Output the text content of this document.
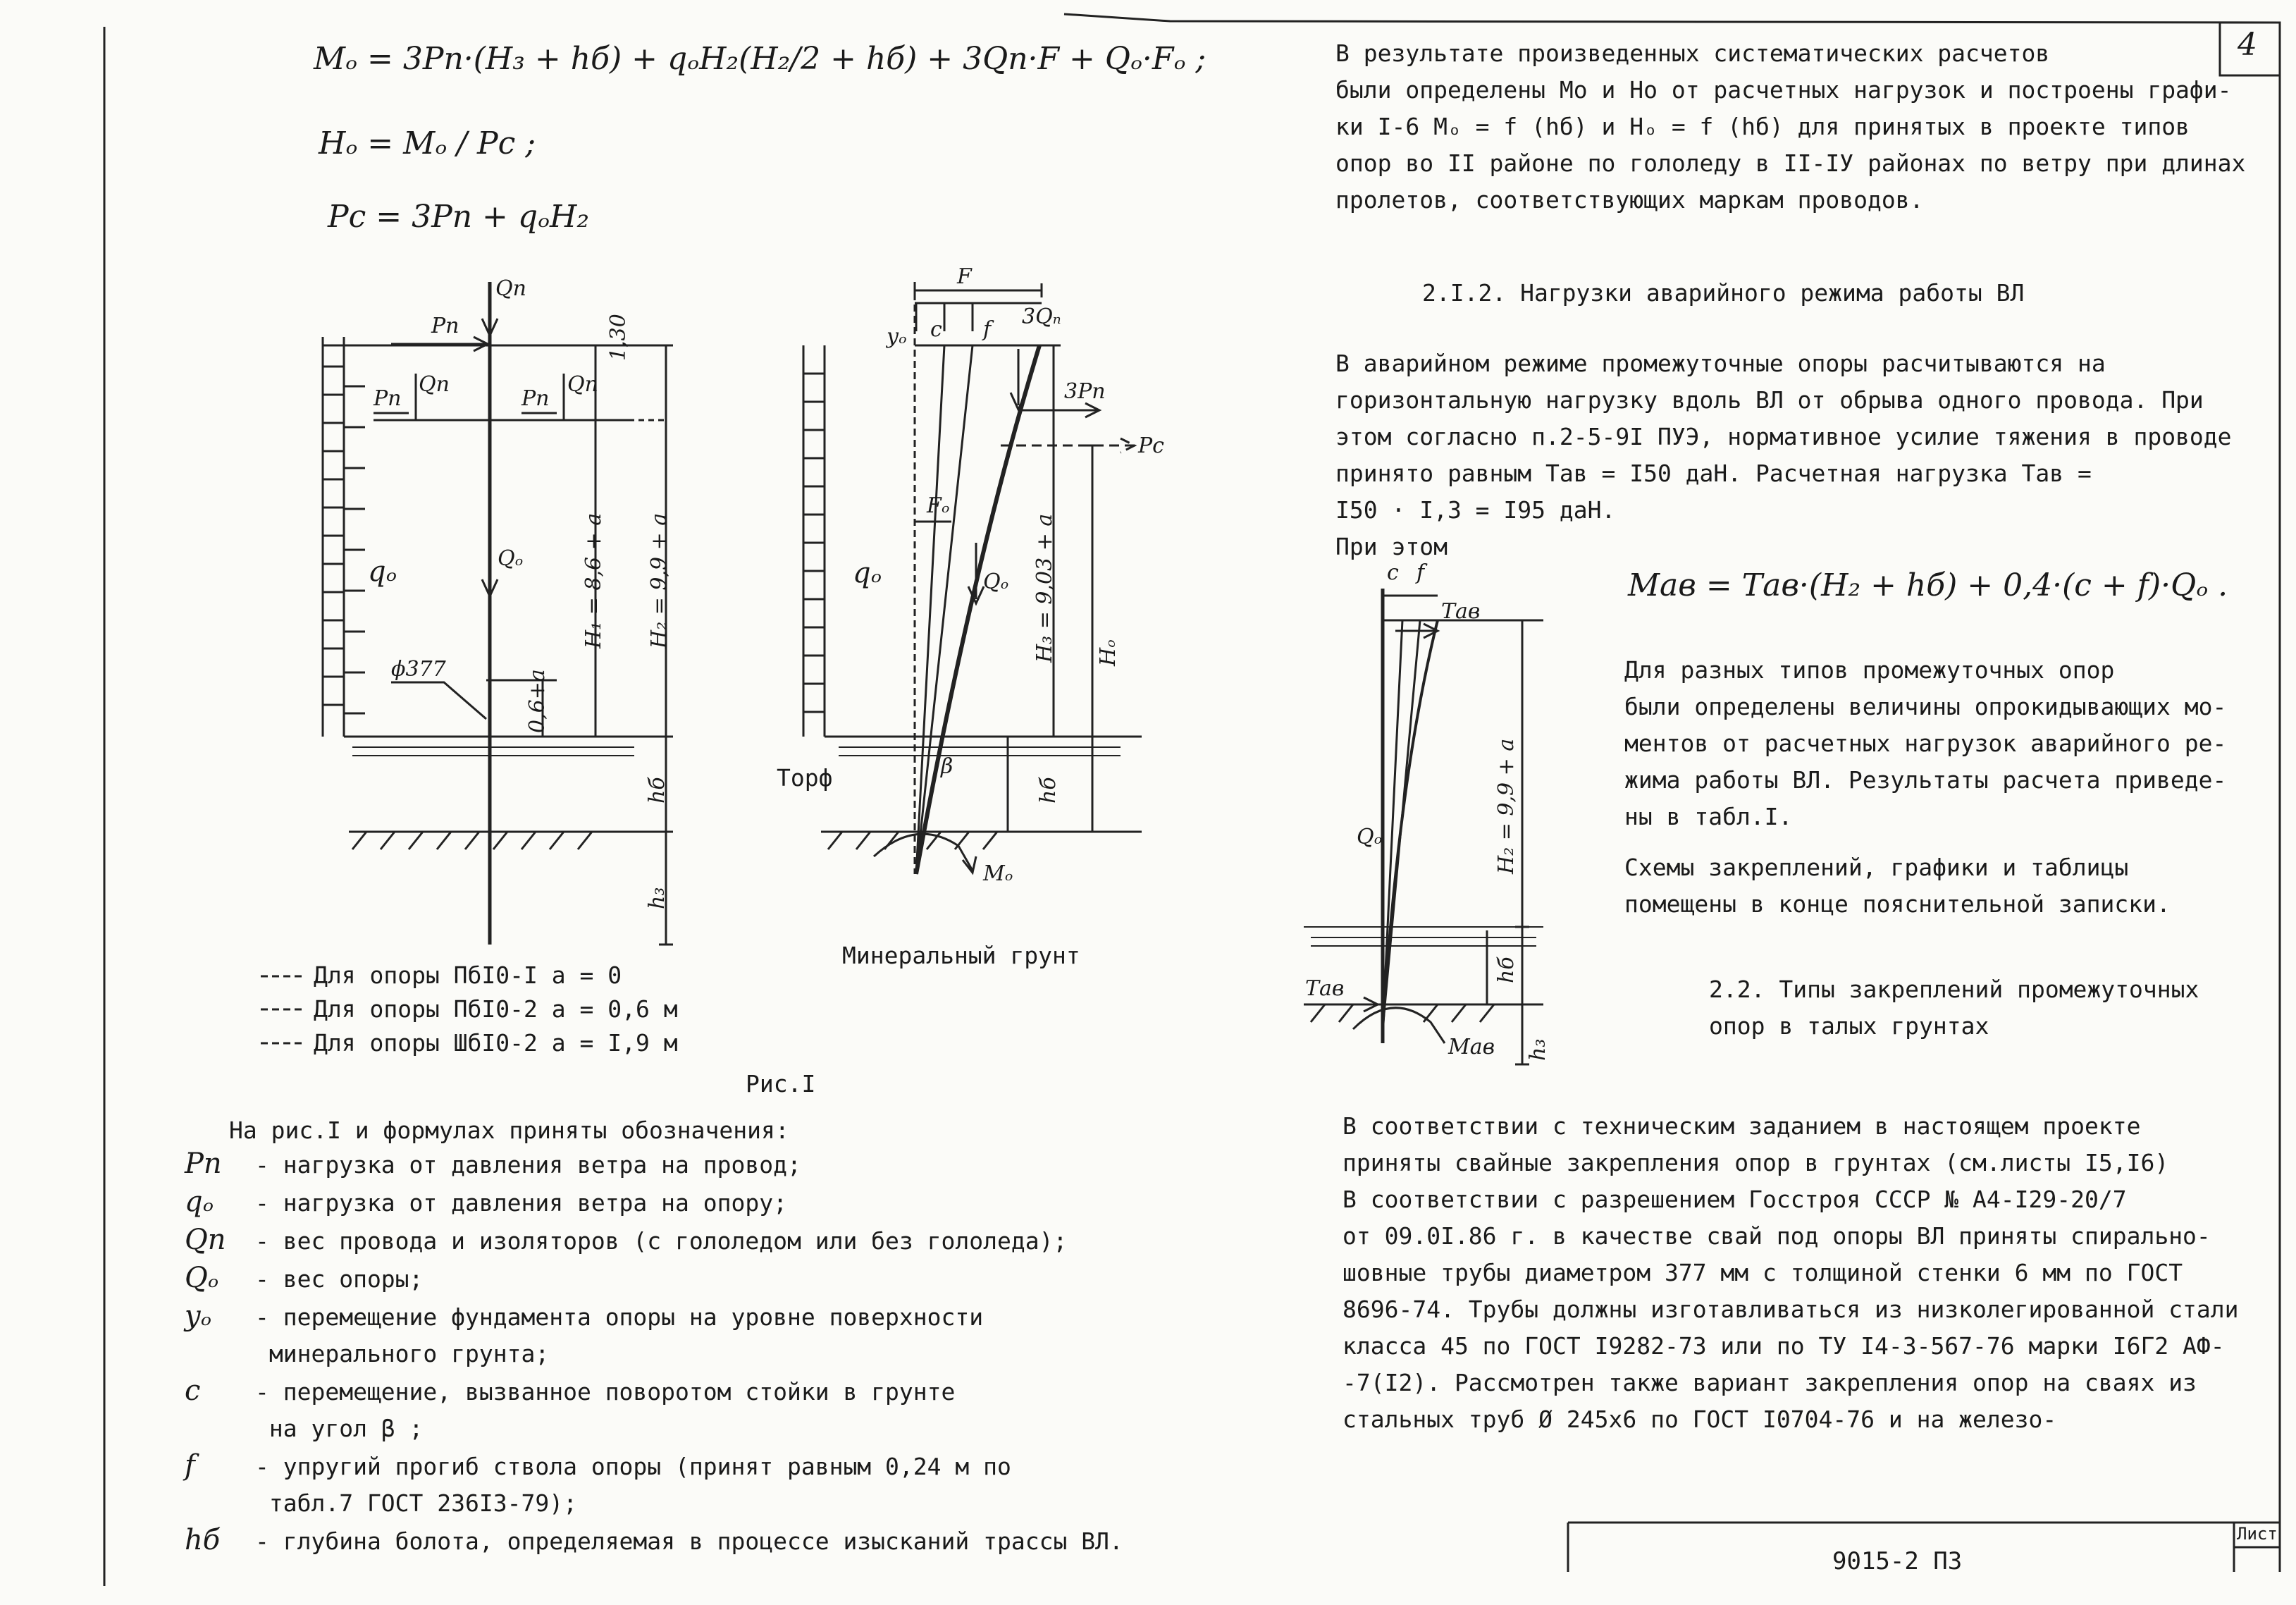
4
Лист
9015-2 ПЗ
Mₒ = 3Pп·(H₃ + hб) + qₒH₂(H₂/2 + hб) + 3Qп·F + Qₒ·Fₒ ;
Hₒ = Mₒ / Pc ;
Pc = 3Pп + qₒH₂
Qп
Pп
Qп
Pп	Pп
Qп
1,30
qₒ	Qₒ	H₁ = 8,6 + a H₂ = 9,9 + a
ϕ377	0,6+a
hб
h₃
F
yₒ c f
3Qₙ
3Pп
Pc
Fₒ
qₒ	Qₒ H₃ = 9,03 + a Hₒ
Торф	β
hб
Mₒ
Минеральный грунт
Для опоры ПбI0-I a = 0
Для опоры ПбI0-2 a = 0,6 м
Для опоры ШбI0-2 a = I,9 м
Рис.I
На рис.I и формулах приняты обозначения:
Pп - нагрузка от давления ветра на провод;
qₒ - нагрузка от давления ветра на опору;
Qп - вес провода и изоляторов (с гололедом или без гололеда);
Qₒ - вес опоры;
yₒ - перемещение фундамента опоры на уровне поверхности
минерального грунта;
c - перемещение, вызванное поворотом стойки в грунте
на угол β ;
f	- упругий прогиб ствола опоры (принят равным 0,24 м по
табл.7 ГОСТ 236I3-79);
hб - глубина болота, определяемая в процессе изысканий трассы ВЛ.
В результате произведенных систематических расчетов
были определены Мо и Но от расчетных нагрузок и построены графи-
ки I-6 Mₒ = f (hб) и Hₒ = f (hб) для принятых в проекте типов
опор во II районе по гололеду в II-IУ районах по ветру при длинах
пролетов, соответствующих маркам проводов.
2.I.2. Нагрузки аварийного режима работы ВЛ
В аварийном режиме промежуточные опоры расчитываются на
горизонтальную нагрузку вдоль ВЛ от обрыва одного провода. При
этом согласно п.2-5-9I ПУЭ, нормативное усилие тяжения в проводе
принято равным Tав = I50 даН. Расчетная нагрузка Tав =
I50 · I,3 = I95 даН.
При этом
Mав = Tав·(H₂ + hб) + 0,4·(c + f)·Qₒ .
Для разных типов промежуточных опор
были определены величины опрокидывающих мо-
ментов от расчетных нагрузок аварийного ре-
жима работы ВЛ. Результаты расчета приведе-
ны в табл.I.
Схемы закреплений, графики и таблицы
помещены в конце пояснительной записки.
2.2. Типы закреплений промежуточных
опор в талых грунтах
c f
Tав
H₂ = 9,9 + a
Qₒ
hб
Tав
Mав h₃
В соответствии с техническим заданием в настоящем проекте
приняты свайные закрепления опор в грунтах (см.листы I5,I6)
В соответствии с разрешением Госстроя СССР № А4-I29-20/7
от 09.0I.86 г. в качестве свай под опоры ВЛ приняты спирально-
шовные трубы диаметром 377 мм с толщиной стенки 6 мм по ГОСТ
8696-74. Трубы должны изготавливаться из низколегированной стали
класса 45 по ГОСТ I9282-73 или по ТУ I4-3-567-76 марки I6Г2 АФ-
-7(I2). Рассмотрен также вариант закрепления опор на сваях из
стальных труб Ø 245x6 по ГОСТ I0704-76 и на железо-
